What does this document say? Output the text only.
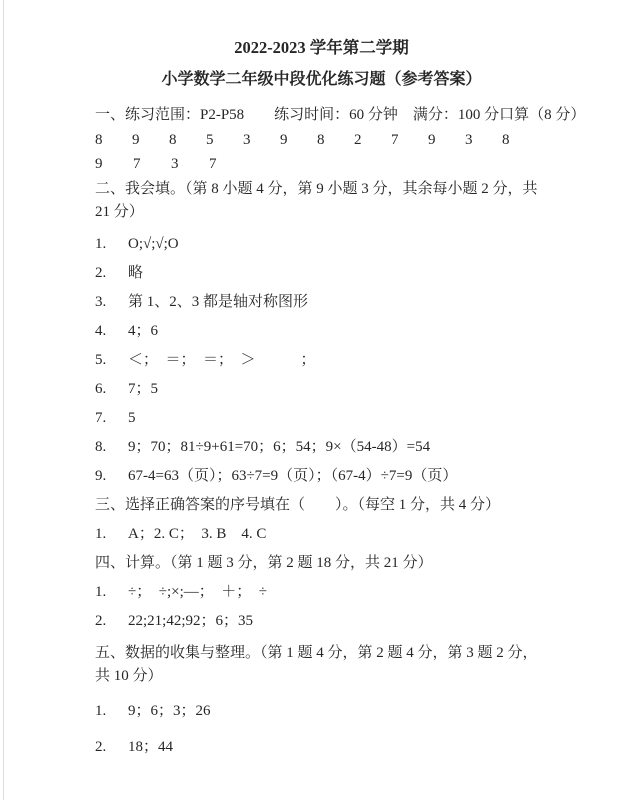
2022-2023 学年第二学期
小学数学二年级中段优化练习题（参考答案）
一、练习范围：P2-P58　　练习时间：60 分钟　满分：100 分口算（8 分）
8	9	8	5	3	9	8	2	7	9	3	8
9	7	3	7
二、我会填。（第 8 小题 4 分，第 9 小题 3 分，其余每小题 2 分，共 21 分）
1.	O;√;√;O
2.	略
3.	第 1、2、3 都是轴对称图形
4.	4；6
5.	＜；　＝；　＝；　＞　　　；
6.	7；5
7.	5
8.	9；70；81÷9+61=70；6；54；9×（54-48）=54
9.	67-4=63（页）；63÷7=9（页）；（67-4）÷7=9（页）
三、选择正确答案的序号填在（　　）。（每空 1 分，共 4 分）
1.	A；2. C；　3. B　4. C
四、计算。（第 1 题 3 分，第 2 题 18 分，共 21 分）
1.	÷；　÷;×;—；　＋；　÷
2.	22;21;42;92；6；35
五、数据的收集与整理。（第 1 题 4 分，第 2 题 4 分，第 3 题 2 分，共 10 分）
1.	9；6；3；26
2.	18；44
